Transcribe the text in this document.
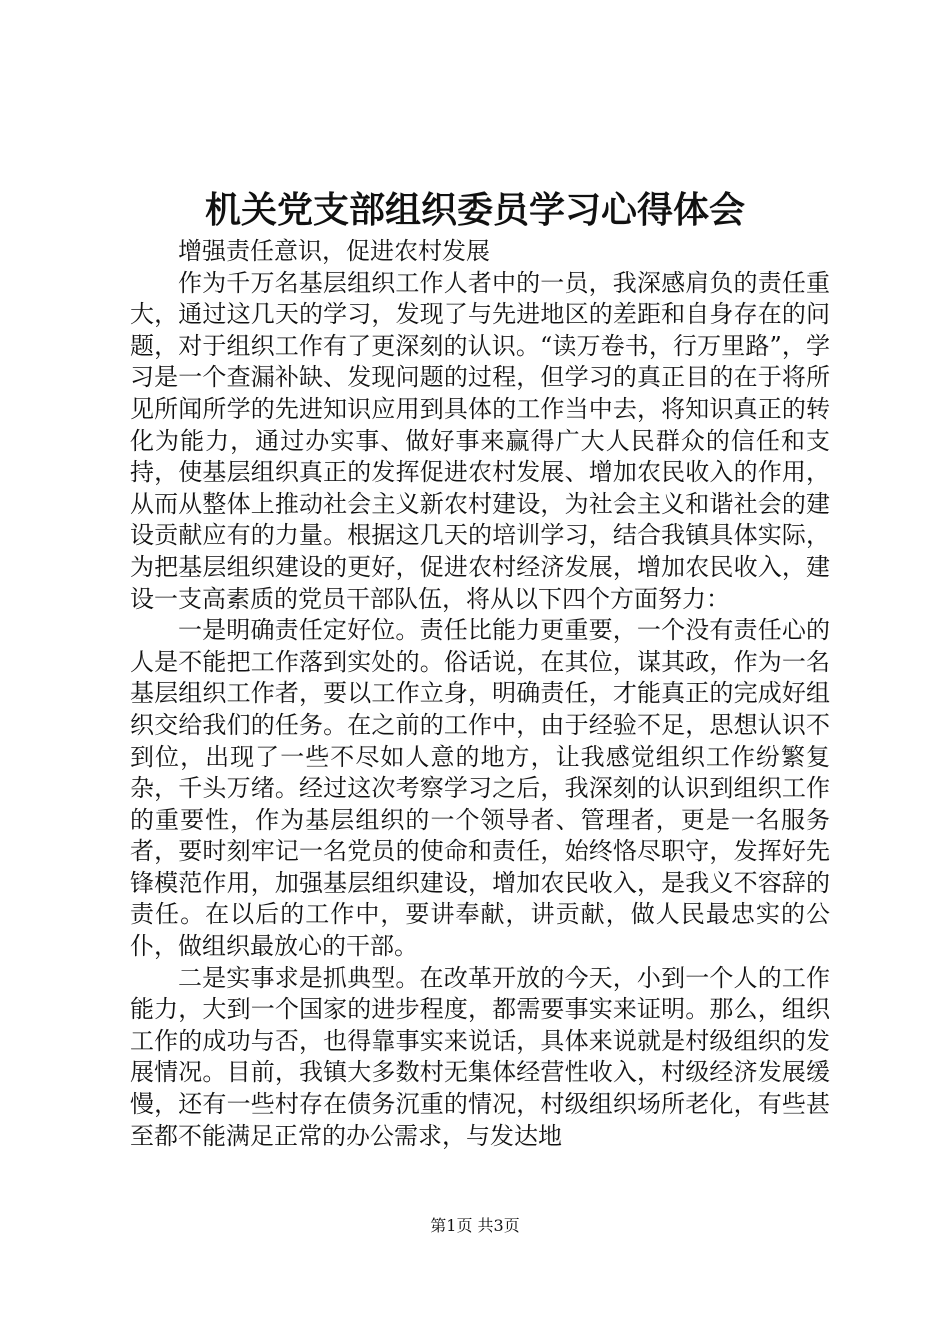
机关党支部组织委员学习心得体会

增强责任意识，促进农村发展

作为千万名基层组织工作人者中的一员，我深感肩负的责任重大，通过这几天的学习，发现了与先进地区的差距和自身存在的问题，对于组织工作有了更深刻的认识。“读万卷书，行万里路”，学习是一个查漏补缺、发现问题的过程，但学习的真正目的在于将所见所闻所学的先进知识应用到具体的工作当中去，将知识真正的转化为能力，通过办实事、做好事来赢得广大人民群众的信任和支持，使基层组织真正的发挥促进农村发展、增加农民收入的作用，从而从整体上推动社会主义新农村建设，为社会主义和谐社会的建设贡献应有的力量。根据这几天的培训学习，结合我镇具体实际，为把基层组织建设的更好，促进农村经济发展，增加农民收入，建设一支高素质的党员干部队伍，将从以下四个方面努力：

一是明确责任定好位。责任比能力更重要，一个没有责任心的人是不能把工作落到实处的。俗话说，在其位，谋其政，作为一名基层组织工作者，要以工作立身，明确责任，才能真正的完成好组织交给我们的任务。在之前的工作中，由于经验不足，思想认识不到位，出现了一些不尽如人意的地方，让我感觉组织工作纷繁复杂，千头万绪。经过这次考察学习之后，我深刻的认识到组织工作的重要性，作为基层组织的一个领导者、管理者，更是一名服务者，要时刻牢记一名党员的使命和责任，始终恪尽职守，发挥好先锋模范作用，加强基层组织建设，增加农民收入，是我义不容辞的责任。在以后的工作中，要讲奉献，讲贡献，做人民最忠实的公仆，做组织最放心的干部。

二是实事求是抓典型。在改革开放的今天，小到一个人的工作能力，大到一个国家的进步程度，都需要事实来证明。那么，组织工作的成功与否，也得靠事实来说话，具体来说就是村级组织的发展情况。目前，我镇大多数村无集体经营性收入，村级经济发展缓慢，还有一些村存在债务沉重的情况，村级组织场所老化，有些甚至都不能满足正常的办公需求，与发达地

第1页 共3页
